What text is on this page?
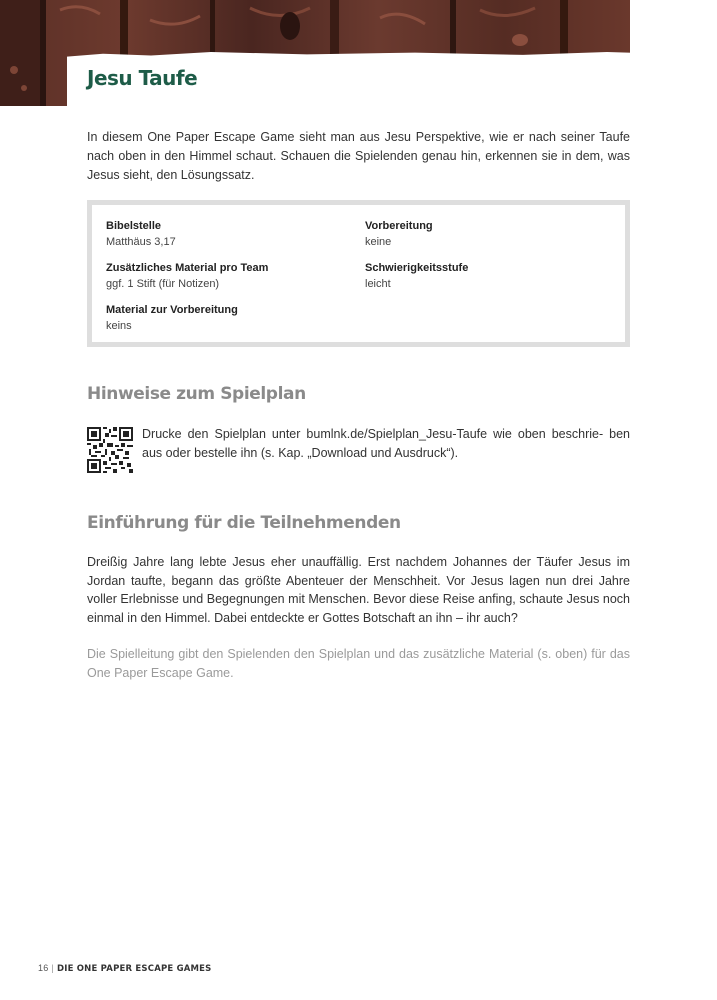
Jesu Taufe

In diesem One Paper Escape Game sieht man aus Jesu Perspektive, wie er nach seiner Taufe nach oben in den Himmel schaut. Schauen die Spielenden genau hin, erkennen sie in dem, was Jesus sieht, den Lösungssatz.

Bibelstelle
Matthäus 3,17
Vorbereitung
keine
Zusätzliches Material pro Team
ggf. 1 Stift (für Notizen)
Schwierigkeitsstufe
leicht
Material zur Vorbereitung
keins
Hinweise zum Spielplan

Drucke den Spielplan unter bumlnk.de/Spielplan_Jesu-Taufe wie oben beschrie- ben aus oder bestelle ihn (s. Kap. „Download und Ausdruck“).

Einführung für die Teilnehmenden

Dreißig Jahre lang lebte Jesus eher unauffällig. Erst nachdem Johannes der Täufer Jesus im Jordan taufte, begann das größte Abenteuer der Menschheit. Vor Jesus lagen nun drei Jahre voller Erlebnisse und Begegnungen mit Menschen. Bevor diese Reise anfing, schaute Jesus noch einmal in den Himmel. Dabei entdeckte er Gottes Botschaft an ihn – ihr auch?

Die Spielleitung gibt den Spielenden den Spielplan und das zusätzliche Material (s. oben) für das One Paper Escape Game.

16 | DIE ONE PAPER ESCAPE GAMES
